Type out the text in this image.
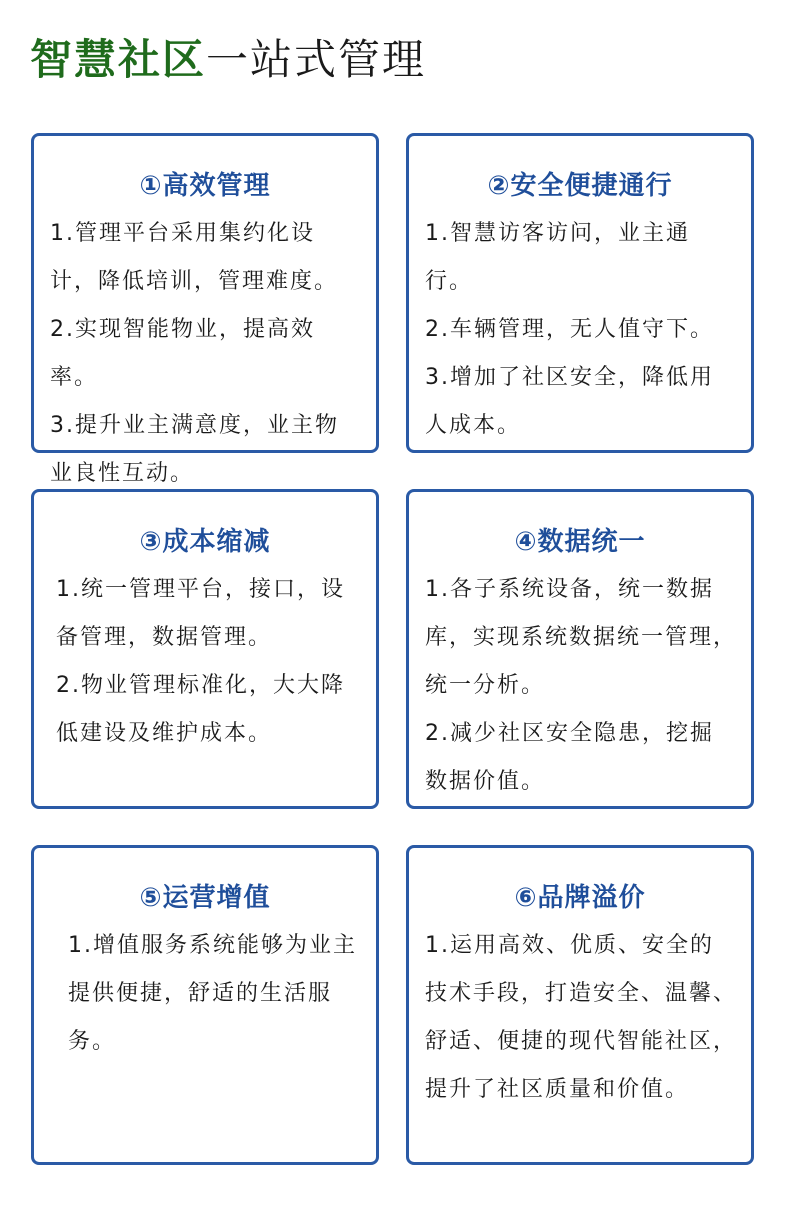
智慧社区一站式管理
①高效管理

1.管理平台采用集约化设计，降低培训，管理难度。

2.实现智能物业，提高效率。

3.提升业主满意度，业主物业良性互动。

②安全便捷通行

1.智慧访客访问，业主通行。

2.车辆管理，无人值守下。

3.增加了社区安全，降低用人成本。

③成本缩减

1.统一管理平台，接口，设备管理，数据管理。

2.物业管理标准化，大大降低建设及维护成本。

④数据统一

1.各子系统设备，统一数据库，实现系统数据统一管理，统一分析。

2.减少社区安全隐患，挖掘数据价值。

⑤运营增值

1.增值服务系统能够为业主提供便捷，舒适的生活服务。

⑥品牌溢价

1.运用高效、优质、安全的技术手段，打造安全、温馨、舒适、便捷的现代智能社区，提升了社区质量和价值。
